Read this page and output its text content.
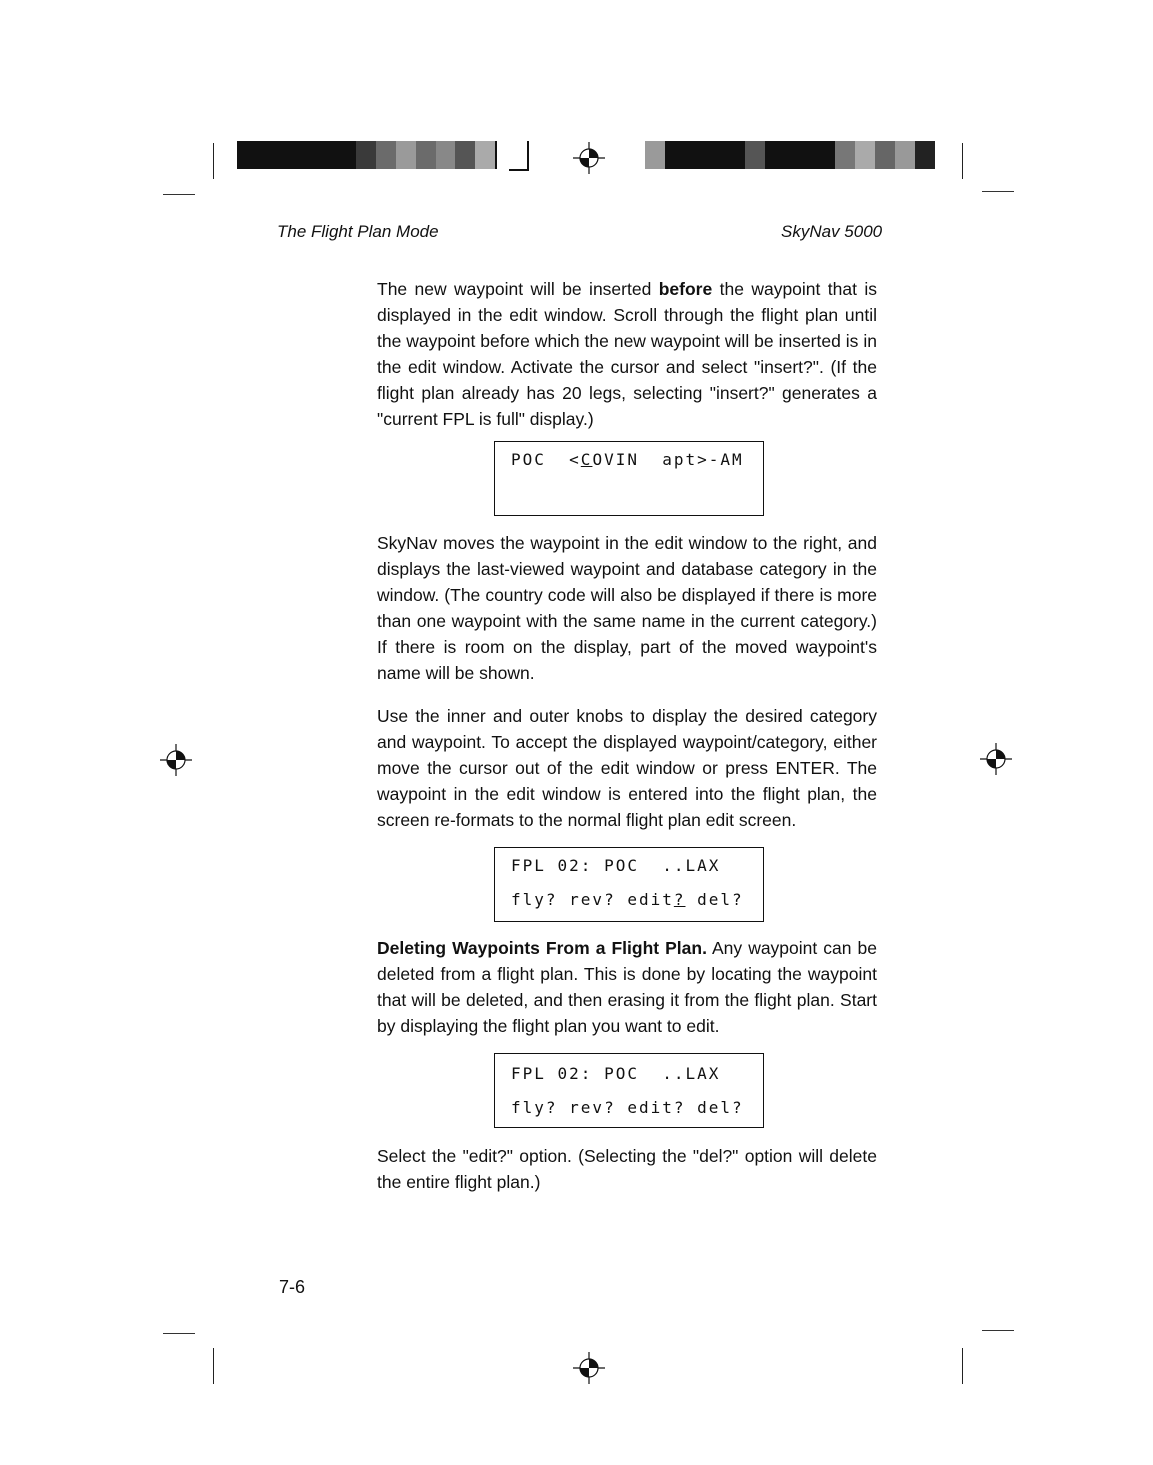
The Flight Plan Mode	SkyNav 5000
The new waypoint will be inserted before the waypoint that is displayed in the edit window. Scroll through the flight plan until the waypoint before which the new waypoint will be inserted is in the edit window. Activate the cursor and select "insert?". (If the flight plan already has 20 legs, selecting "insert?" generates a "current FPL is full" display.)
POC  <COVIN  apt>-AM
SkyNav moves the waypoint in the edit window to the right, and displays the last-viewed waypoint and database category in the window. (The country code will also be displayed if there is more than one waypoint with the same name in the current category.) If there is room on the display, part of the moved waypoint's name will be shown.
Use the inner and outer knobs to display the desired category and waypoint. To accept the displayed waypoint/category, either move the cursor out of the edit window or press ENTER. The waypoint in the edit window is entered into the flight plan, the screen re-formats to the normal flight plan edit screen.
FPL 02: POC  ..LAX
fly? rev? edit? del?
Deleting Waypoints From a Flight Plan. Any waypoint can be deleted from a flight plan. This is done by locating the waypoint that will be deleted, and then erasing it from the flight plan. Start by displaying the flight plan you want to edit.
FPL 02: POC  ..LAX
fly? rev? edit? del?
Select the "edit?" option. (Selecting the "del?" option will delete the entire flight plan.)
7-6
